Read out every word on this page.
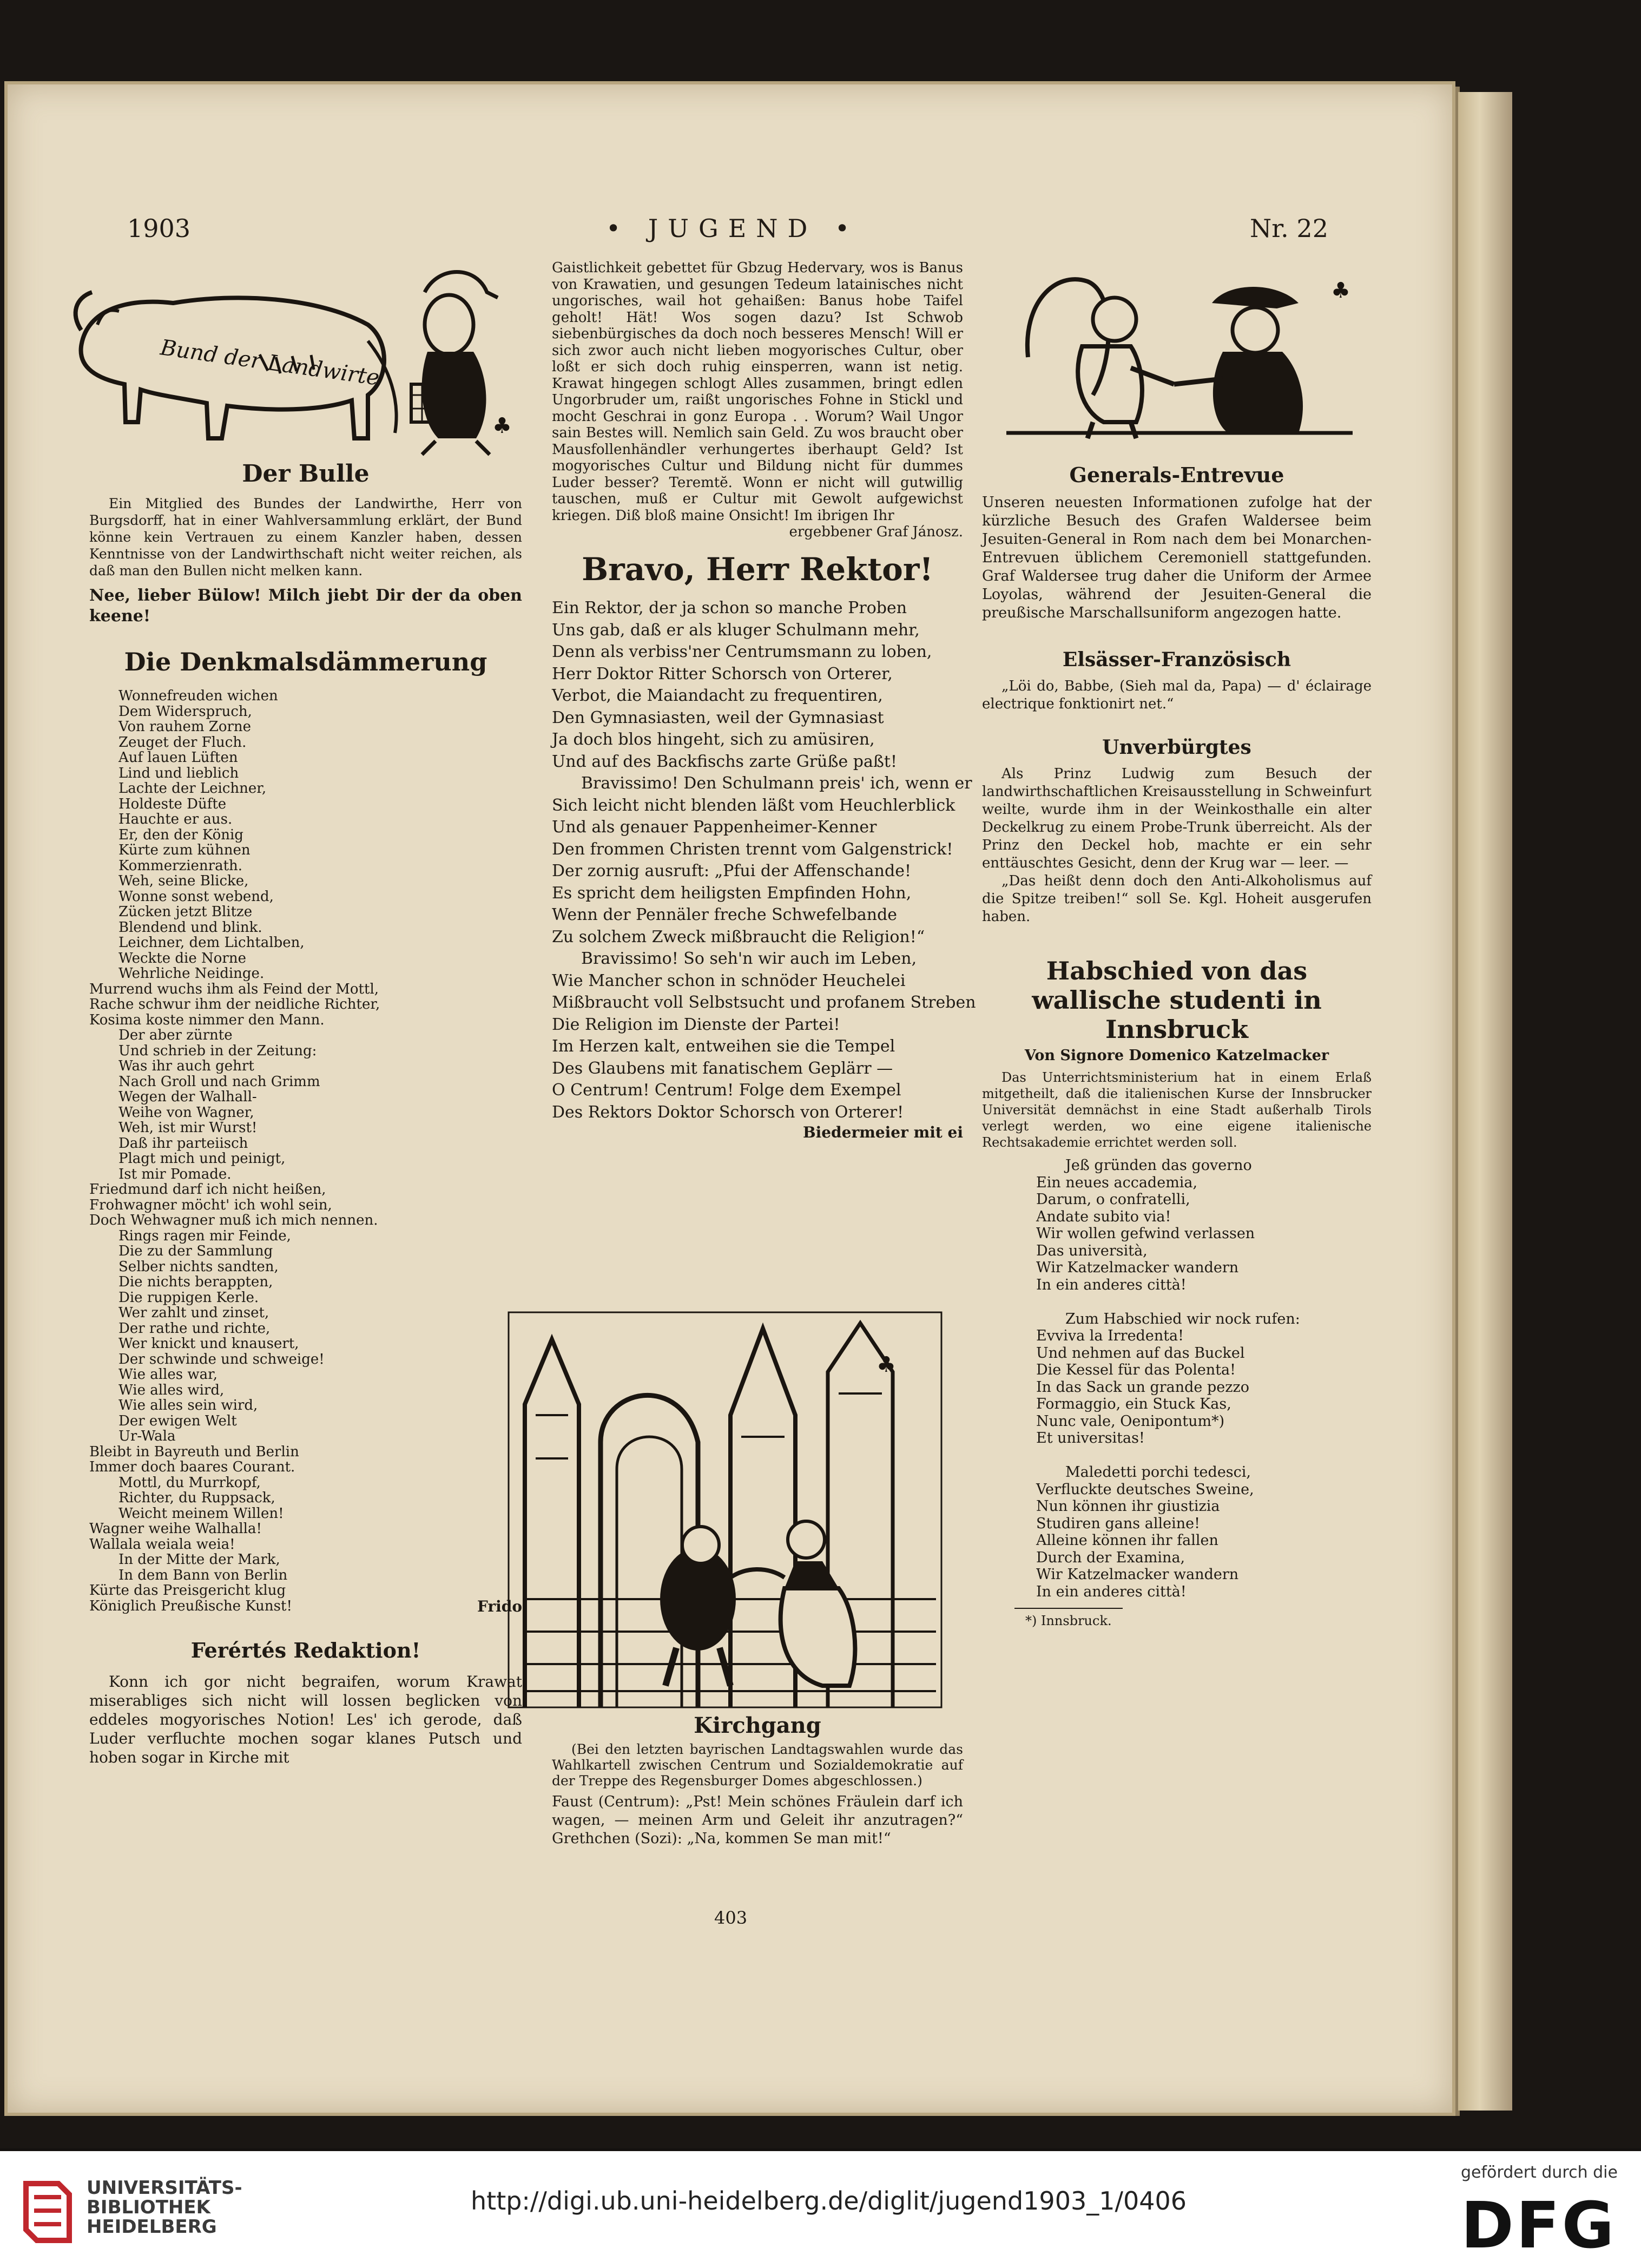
1903	• JUGEND •	Nr. 22
Bund der Landwirte
♣

Der Bulle

Ein Mitglied des Bundes der Landwirthe, Herr von Burgsdorff, hat in einer Wahlversammlung erklärt, der Bund könne kein Vertrauen zu einem Kanzler haben, dessen Kenntnisse von der Landwirthschaft nicht weiter reichen, als daß man den Bullen nicht melken kann.

Nee, lieber Bülow! Milch jiebt Dir der da oben keene!

Die Denkmalsdämmerung

Wonnefreuden wichen

Dem Widerspruch,

Von rauhem Zorne

Zeuget der Fluch.

Auf lauen Lüften

Lind und lieblich

Lachte der Leichner,

Holdeste Düfte

Hauchte er aus.

Er, den der König

Kürte zum kühnen

Kommerzienrath.

Weh, seine Blicke,

Wonne sonst webend,

Zücken jetzt Blitze

Blendend und blink.

Leichner, dem Lichtalben,

Weckte die Norne

Wehrliche Neidinge.

Murrend wuchs ihm als Feind der Mottl,

Rache schwur ihm der neidliche Richter,

Kosima koste nimmer den Mann.

Der aber zürnte

Und schrieb in der Zeitung:

Was ihr auch gehrt

Nach Groll und nach Grimm

Wegen der Walhall-

Weihe von Wagner,

Weh, ist mir Wurst!

Daß ihr parteiisch

Plagt mich und peinigt,

Ist mir Pomade.

Friedmund darf ich nicht heißen,

Frohwagner möcht' ich wohl sein,

Doch Wehwagner muß ich mich nennen.

Rings ragen mir Feinde,

Die zu der Sammlung

Selber nichts sandten,

Die nichts berappten,

Die ruppigen Kerle.

Wer zahlt und zinset,

Der rathe und richte,

Wer knickt und knausert,

Der schwinde und schweige!

Wie alles war,

Wie alles wird,

Wie alles sein wird,

Der ewigen Welt

Ur-Wala

Bleibt in Bayreuth und Berlin

Immer doch baares Courant.

Mottl, du Murrkopf,

Richter, du Ruppsack,

Weicht meinem Willen!

Wagner weihe Walhalla!

Wallala weiala weia!

In der Mitte der Mark,

In dem Bann von Berlin

Kürte das Preisgericht klug

Königlich Preußische Kunst!	Frido

Ferértés Redaktion!

Konn ich gor nicht begraifen, worum Krawat miserabliges sich nicht will lossen beglicken von eddeles mogyorisches Notion! Les' ich gerode, daß Luder verfluchte mochen sogar klanes Putsch und hoben sogar in Kirche mit

Gaistlichkeit gebettet für Gbzug Hedervary, wos is Banus von Krawatien, und gesungen Tedeum latainisches nicht ungorisches, wail hot gehaißen: Banus hobe Taifel geholt! Hät! Wos sogen dazu? Ist Schwob siebenbürgisches da doch noch besseres Mensch! Will er sich zwor auch nicht lieben mogyorisches Cultur, ober loßt er sich doch ruhig einsperren, wann ist netig. Krawat hingegen schlogt Alles zusammen, bringt edlen Ungorbruder um, raißt ungorisches Fohne in Stickl und mocht Geschrai in gonz Europa . . Worum? Wail Ungor sain Bestes will. Nemlich sain Geld. Zu wos braucht ober Mausfollenhändler verhungertes iberhaupt Geld? Ist mogyorisches Cultur und Bildung nicht für dummes Luder besser? Teremtĕ. Wonn er nicht will gutwillig tauschen, muß er Cultur mit Gewolt aufgewichst kriegen. Diß bloß maine Onsicht! Im ibrigen Ihr

ergebbener Graf Jánosz.

Bravo, Herr Rektor!

Ein Rektor, der ja schon so manche Proben

Uns gab, daß er als kluger Schulmann mehr,

Denn als verbiss'ner Centrumsmann zu loben,

Herr Doktor Ritter Schorsch von Orterer,

Verbot, die Maiandacht zu frequentiren,

Den Gymnasiasten, weil der Gymnasiast

Ja doch blos hingeht, sich zu amüsiren,

Und auf des Backfischs zarte Grüße paßt!

Bravissimo! Den Schulmann preis' ich, wenn er

Sich leicht nicht blenden läßt vom Heuchlerblick

Und als genauer Pappenheimer-Kenner

Den frommen Christen trennt vom Galgenstrick!

Der zornig ausruft: „Pfui der Affenschande!

Es spricht dem heiligsten Empfinden Hohn,

Wenn der Pennäler freche Schwefelbande

Zu solchem Zweck mißbraucht die Religion!“

Bravissimo! So seh'n wir auch im Leben,

Wie Mancher schon in schnöder Heuchelei

Mißbraucht voll Selbstsucht und profanem Streben

Die Religion im Dienste der Partei!

Im Herzen kalt, entweihen sie die Tempel

Des Glaubens mit fanatischem Geplärr —

O Centrum! Centrum! Folge dem Exempel

Des Rektors Doktor Schorsch von Orterer!

Biedermeier mit ei

♣

Kirchgang

(Bei den letzten bayrischen Landtagswahlen wurde das Wahlkartell zwischen Centrum und Sozialdemokratie auf der Treppe des Regensburger Domes abgeschlossen.)

Faust (Centrum): „Pst! Mein schönes Fräulein darf ich wagen, — meinen Arm und Geleit ihr anzutragen?“ Grethchen (Sozi): „Na, kommen Se man mit!“

403
♣

Generals-Entrevue

Unseren neuesten Informationen zufolge hat der kürzliche Besuch des Grafen Waldersee beim Jesuiten-General in Rom nach dem bei Monarchen-Entrevuen üblichem Ceremoniell stattgefunden. Graf Waldersee trug daher die Uniform der Armee Loyolas, während der Jesuiten-General die preußische Marschallsuniform angezogen hatte.

Elsässer-Französisch

„Löi do, Babbe, (Sieh mal da, Papa) — d' éclairage electrique fonktionirt net.“

Unverbürgtes

Als Prinz Ludwig zum Besuch der landwirthschaftlichen Kreisausstellung in Schweinfurt weilte, wurde ihm in der Weinkosthalle ein alter Deckelkrug zu einem Probe-Trunk überreicht. Als der Prinz den Deckel hob, machte er ein sehr enttäuschtes Gesicht, denn der Krug war — leer. —

„Das heißt denn doch den Anti-Alkoholismus auf die Spitze treiben!“ soll Se. Kgl. Hoheit ausgerufen haben.

Habschied von das wallische studenti in Innsbruck

Von Signore Domenico Katzelmacker

Das Unterrichtsministerium hat in einem Erlaß mitgetheilt, daß die italienischen Kurse der Innsbrucker Universität demnächst in eine Stadt außerhalb Tirols verlegt werden, wo eine eigene italienische Rechtsakademie errichtet werden soll.

Jeß gründen das governo

Ein neues accademia,

Darum, o confratelli,

Andate subito via!

Wir wollen gefwind verlassen

Das università,

Wir Katzelmacker wandern

In ein anderes città!

Zum Habschied wir nock rufen:

Evviva la Irredenta!

Und nehmen auf das Buckel

Die Kessel für das Polenta!

In das Sack un grande pezzo

Formaggio, ein Stuck Kas,

Nunc vale, Oenipontum*)

Et universitas!

Maledetti porchi tedesci,

Verfluckte deutsches Sweine,

Nun können ihr giustizia

Studiren gans alleine!

Alleine können ihr fallen

Durch der Examina,

Wir Katzelmacker wandern

In ein anderes città!

*) Innsbruck.

UNIVERSITÄTS-
BIBLIOTHEK
HEIDELBERG
http://digi.ub.uni-heidelberg.de/diglit/jugend1903_1/0406
gefördert durch die
DFG
